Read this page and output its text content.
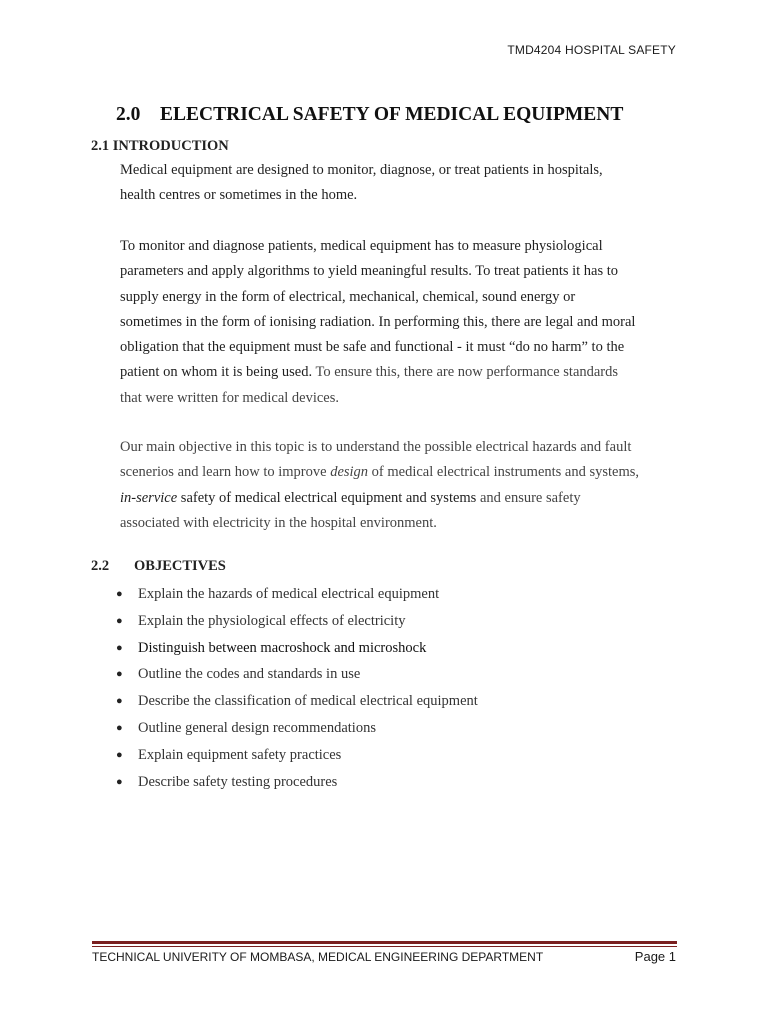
TMD4204 HOSPITAL SAFETY
2.0 ELECTRICAL SAFETY OF MEDICAL EQUIPMENT
2.1 INTRODUCTION

Medical equipment are designed to monitor, diagnose, or treat patients in hospitals,
health centres or sometimes in the home.

To monitor and diagnose patients, medical equipment has to measure physiological
parameters and apply algorithms to yield meaningful results. To treat patients it has to
supply energy in the form of electrical, mechanical, chemical, sound energy or
sometimes in the form of ionising radiation. In performing this, there are legal and moral
obligation that the equipment must be safe and functional - it must “do no harm” to the
patient on whom it is being used. To ensure this, there are now performance standards
that were written for medical devices.

Our main objective in this topic is to understand the possible electrical hazards and fault
scenerios and learn how to improve design of medical electrical instruments and systems,
in-service safety of medical electrical equipment and systems and ensure safety
associated with electricity in the hospital environment.

2.2 OBJECTIVES
● Explain the hazards of medical electrical equipment
● Explain the physiological effects of electricity
● Distinguish between macroshock and microshock
● Outline the codes and standards in use
● Describe the classification of medical electrical equipment
● Outline general design recommendations
● Explain equipment safety practices
● Describe safety testing procedures
TECHNICAL UNIVERITY OF MOMBASA, MEDICAL ENGINEERING DEPARTMENT	Page 1
